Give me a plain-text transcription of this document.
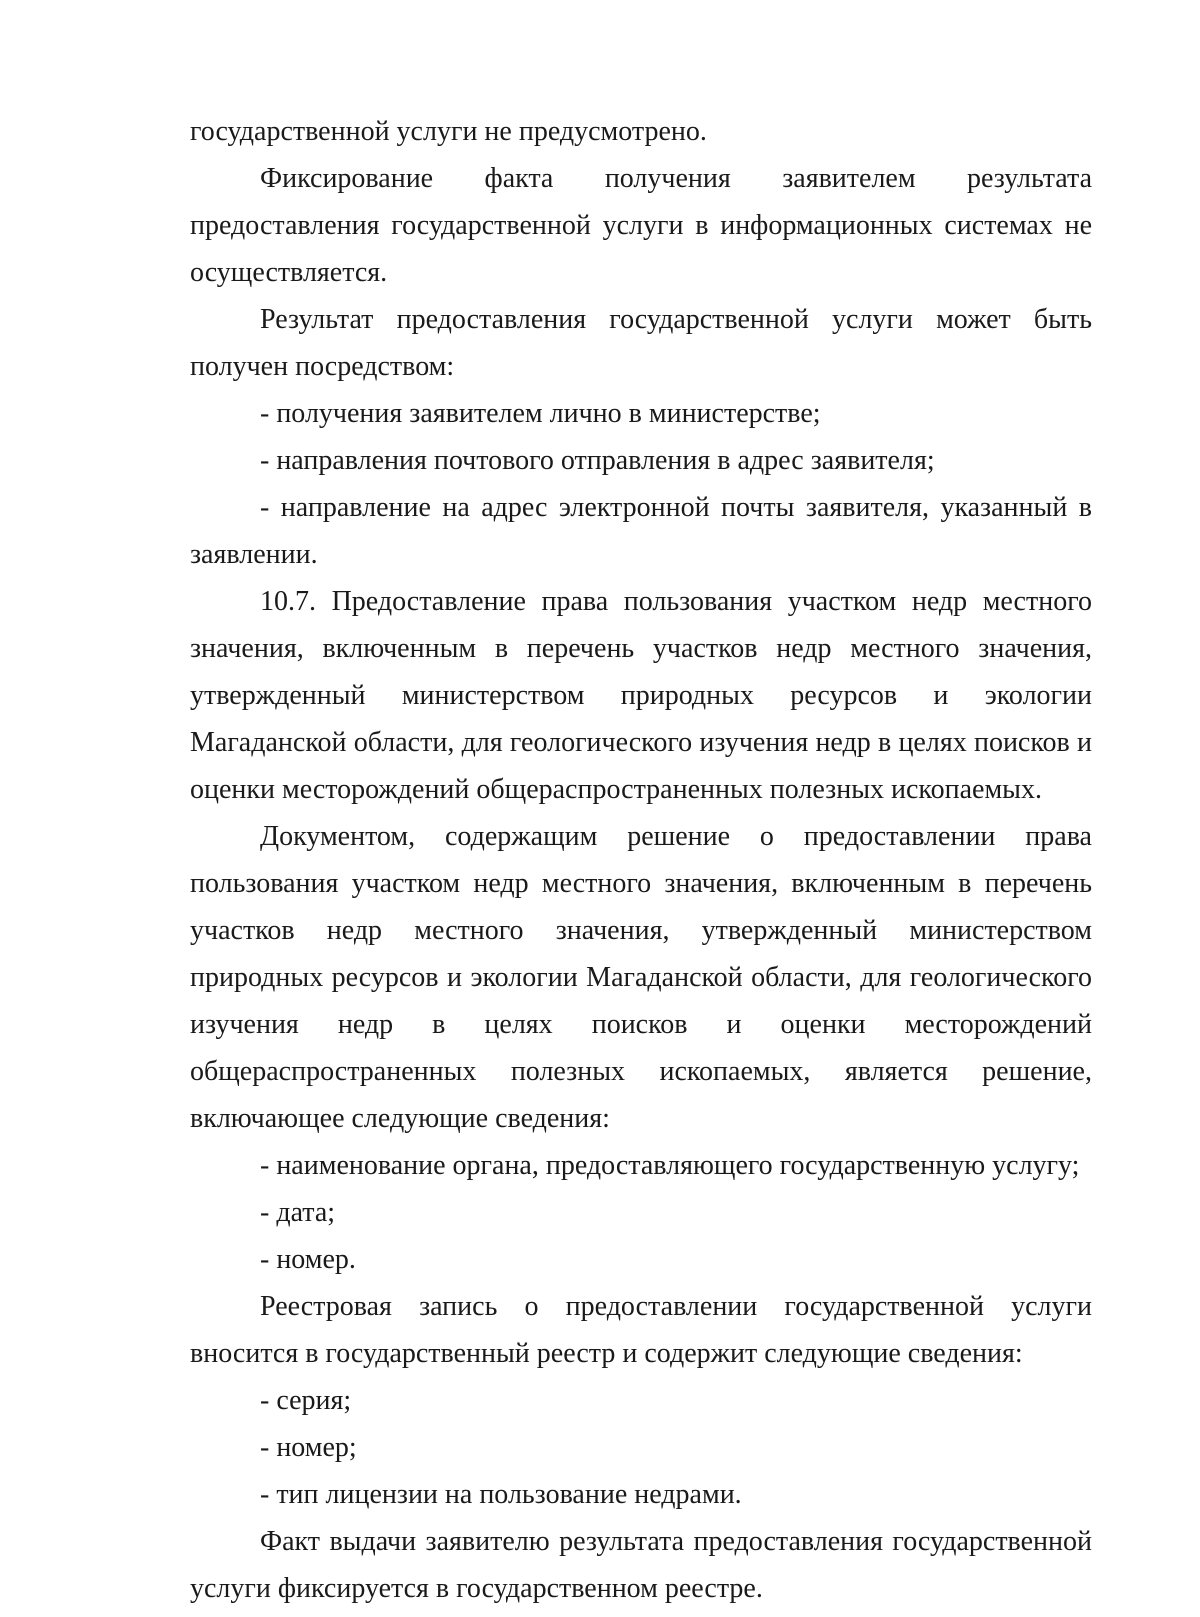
государственной услуги не предусмотрено.

Фиксирование факта получения заявителем результата предоставления государственной услуги в информационных системах не осуществляется.

Результат предоставления государственной услуги может быть получен посредством:

- получения заявителем лично в министерстве;

- направления почтового отправления в адрес заявителя;

- направление на адрес электронной почты заявителя, указанный в заявлении.

10.7. Предоставление права пользования участком недр местного значения, включенным в перечень участков недр местного значения, утвержденный министерством природных ресурсов и экологии Магаданской области, для геологического изучения недр в целях поисков и оценки месторождений общераспространенных полезных ископаемых.

Документом, содержащим решение о предоставлении права пользования участком недр местного значения, включенным в перечень участков недр местного значения, утвержденный министерством природных ресурсов и экологии Магаданской области, для геологического изучения недр в целях поисков и оценки месторождений общераспространенных полезных ископаемых, является решение, включающее следующие сведения:

- наименование органа, предоставляющего государственную услугу;

- дата;

- номер.

Реестровая запись о предоставлении государственной услуги вносится в государственный реестр и содержит следующие сведения:

- серия;

- номер;

- тип лицензии на пользование недрами.

Факт выдачи заявителю результата предоставления государственной услуги фиксируется в государственном реестре.
